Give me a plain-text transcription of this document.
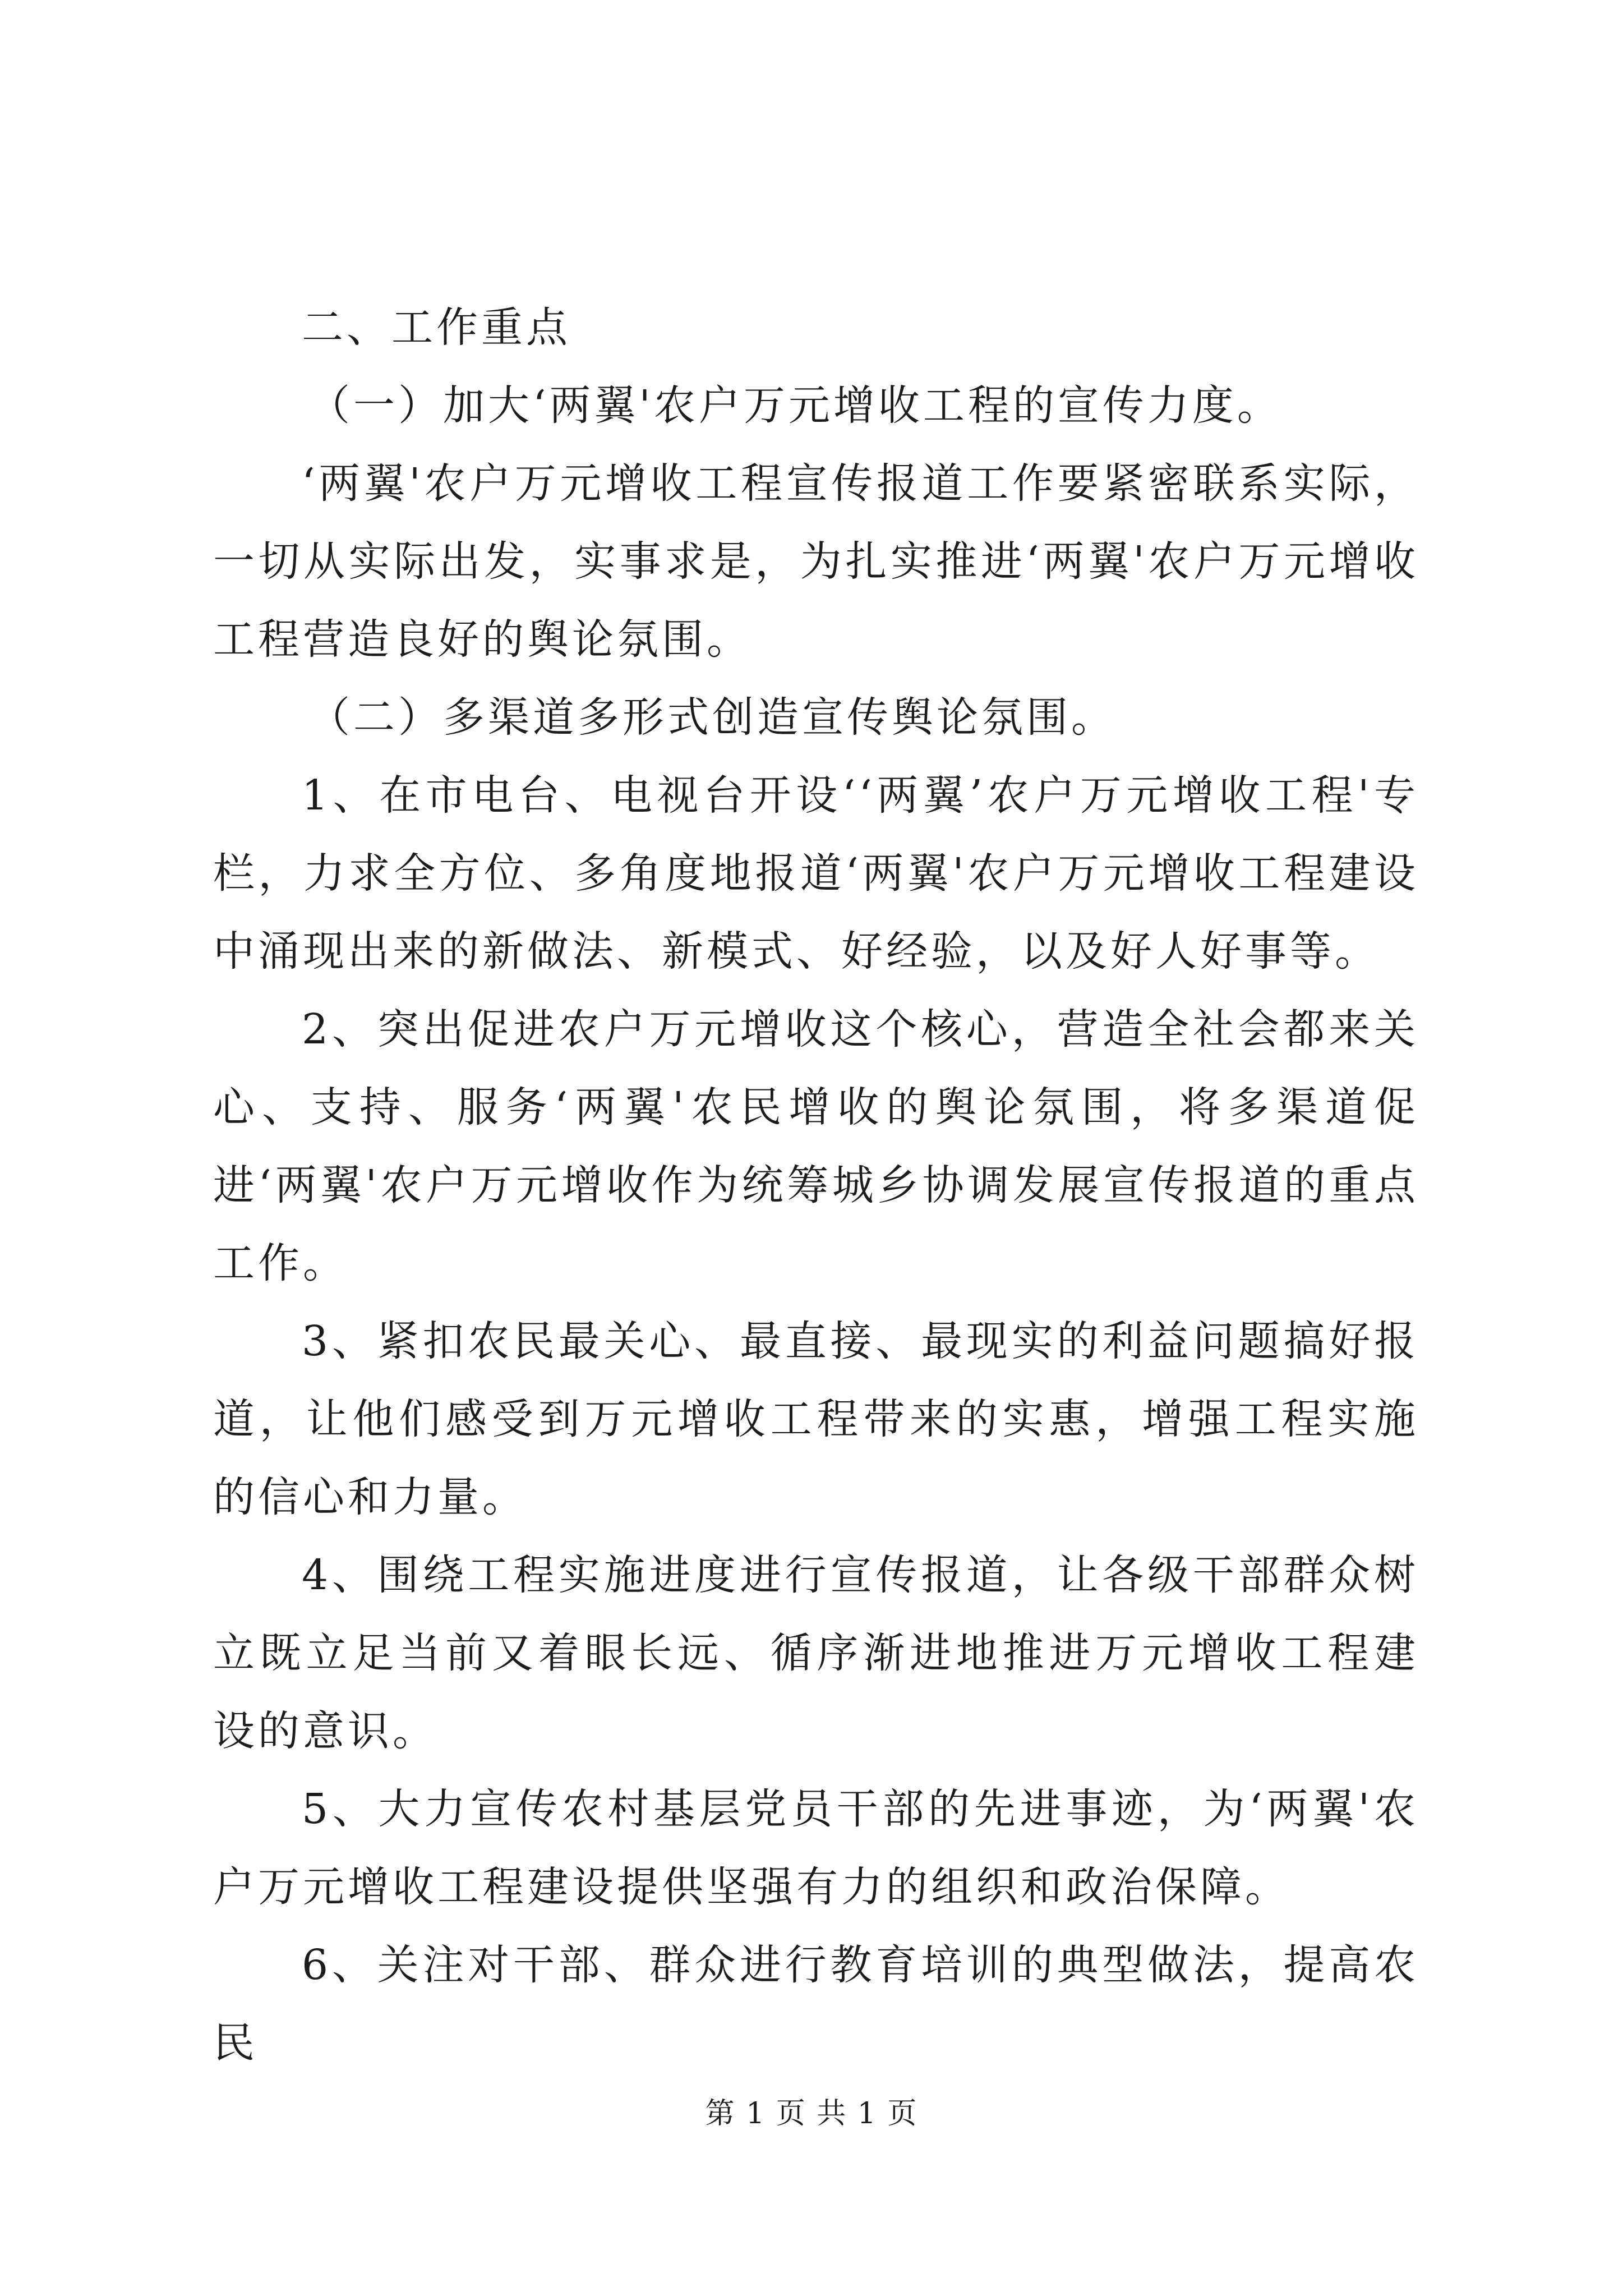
二、工作重点

（一）加大‘两翼'农户万元增收工程的宣传力度。

‘两翼'农户万元增收工程宣传报道工作要紧密联系实际，一切从实际出发，实事求是，为扎实推进‘两翼'农户万元增收工程营造良好的舆论氛围。

（二）多渠道多形式创造宣传舆论氛围。

1、在市电台、电视台开设‘‘两翼’农户万元增收工程'专栏，力求全方位、多角度地报道‘两翼'农户万元增收工程建设中涌现出来的新做法、新模式、好经验，以及好人好事等。

2、突出促进农户万元增收这个核心，营造全社会都来关心、支持、服务‘两翼'农民增收的舆论氛围，将多渠道促进‘两翼'农户万元增收作为统筹城乡协调发展宣传报道的重点工作。

3、紧扣农民最关心、最直接、最现实的利益问题搞好报道，让他们感受到万元增收工程带来的实惠，增强工程实施的信心和力量。

4、围绕工程实施进度进行宣传报道，让各级干部群众树立既立足当前又着眼长远、循序渐进地推进万元增收工程建设的意识。

5、大力宣传农村基层党员干部的先进事迹，为‘两翼'农户万元增收工程建设提供坚强有力的组织和政治保障。

6、关注对干部、群众进行教育培训的典型做法，提高农民

第 1 页 共 1 页
